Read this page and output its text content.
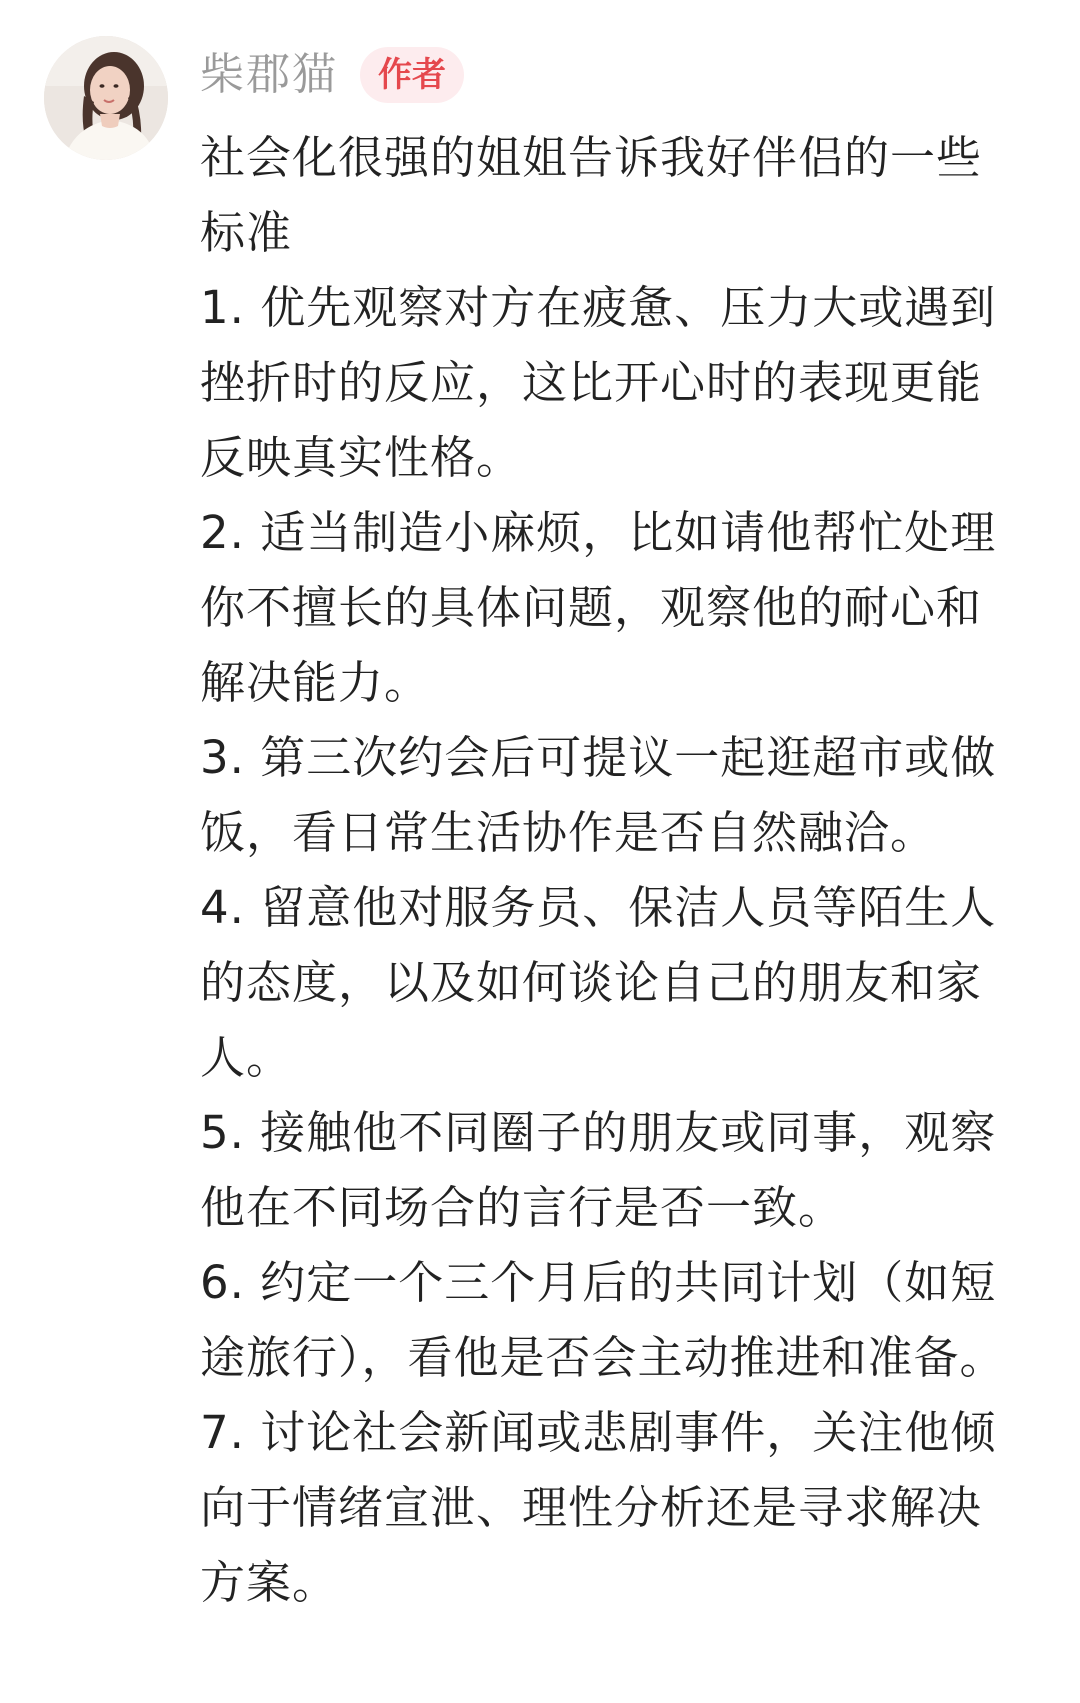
柴郡猫	作者

社会化很强的姐姐告诉我好伴侣的一些标准

1. 优先观察对方在疲惫、压力大或遇到挫折时的反应，这比开心时的表现更能反映真实性格。

2. 适当制造小麻烦，比如请他帮忙处理你不擅长的具体问题，观察他的耐心和解决能力。

3. 第三次约会后可提议一起逛超市或做饭，看日常生活协作是否自然融洽。

4. 留意他对服务员、保洁人员等陌生人的态度，以及如何谈论自己的朋友和家人。

5. 接触他不同圈子的朋友或同事，观察他在不同场合的言行是否一致。

6. 约定一个三个月后的共同计划（如短途旅行），看他是否会主动推进和准备。

7. 讨论社会新闻或悲剧事件，关注他倾向于情绪宣泄、理性分析还是寻求解决方案。
